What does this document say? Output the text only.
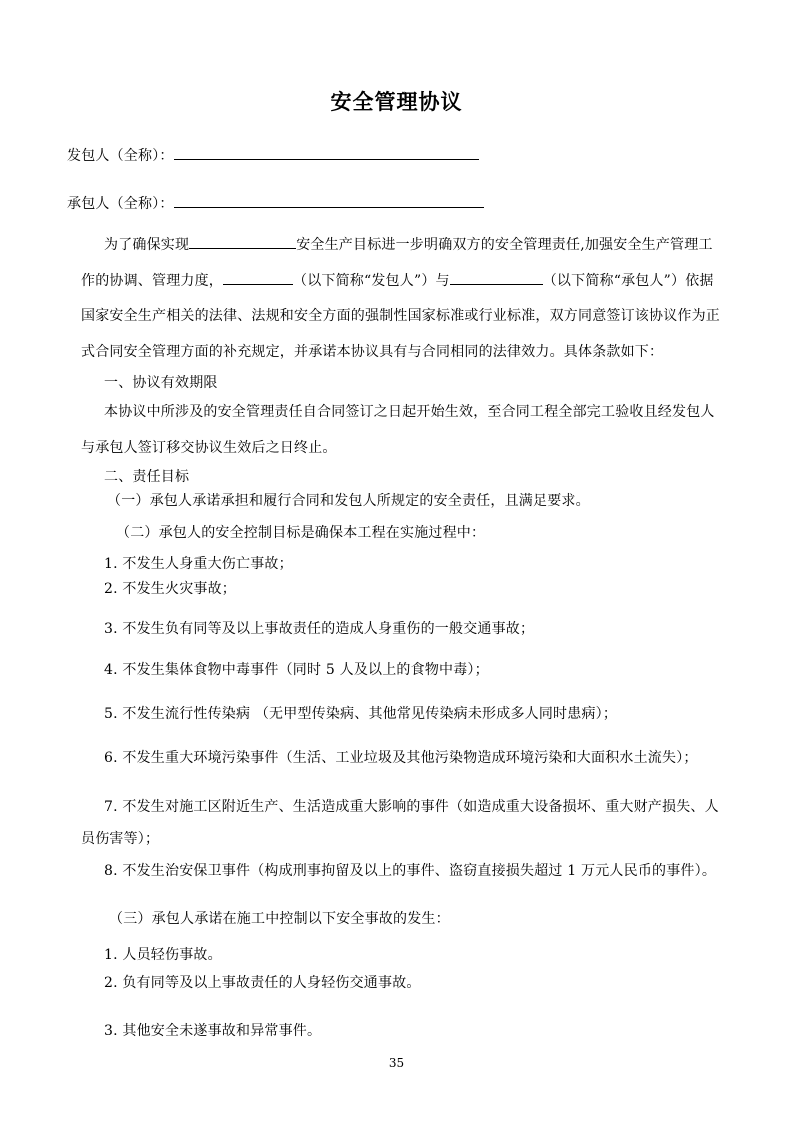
安全管理协议
发包人（全称）：
承包人（全称）：
为了确保实现	安全生产目标进一步明确双方的安全管理责任,加强安全生产管理工
作的协调、管理力度，	（以下简称“发包人”）与	（以下简称“承包人”）依据
国家安全生产相关的法律、法规和安全方面的强制性国家标准或行业标准，双方同意签订该协议作为正
式合同安全管理方面的补充规定，并承诺本协议具有与合同相同的法律效力。具体条款如下：
一、协议有效期限
本协议中所涉及的安全管理责任自合同签订之日起开始生效，至合同工程全部完工验收且经发包人
与承包人签订移交协议生效后之日终止。
二、责任目标
（一）承包人承诺承担和履行合同和发包人所规定的安全责任，且满足要求。
（二）承包人的安全控制目标是确保本工程在实施过程中：
1. 不发生人身重大伤亡事故；
2. 不发生火灾事故；
3. 不发生负有同等及以上事故责任的造成人身重伤的一般交通事故；
4. 不发生集体食物中毒事件（同时 5 人及以上的食物中毒）；
5. 不发生流行性传染病 （无甲型传染病、其他常见传染病未形成多人同时患病）；
6. 不发生重大环境污染事件（生活、工业垃圾及其他污染物造成环境污染和大面积水土流失）；
7. 不发生对施工区附近生产、生活造成重大影响的事件（如造成重大设备损坏、重大财产损失、人
员伤害等）；
8. 不发生治安保卫事件（构成刑事拘留及以上的事件、盗窃直接损失超过 1 万元人民币的事件）。
（三）承包人承诺在施工中控制以下安全事故的发生：
1. 人员轻伤事故。
2. 负有同等及以上事故责任的人身轻伤交通事故。
3. 其他安全未遂事故和异常事件。
35
